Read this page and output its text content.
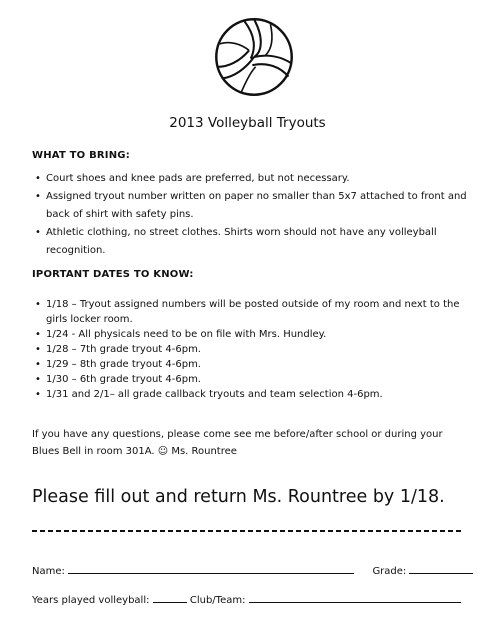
2013 Volleyball Tryouts
WHAT TO BRING:
• Court shoes and knee pads are preferred, but not necessary.
• Assigned tryout number written on paper no smaller than 5x7 attached to front and back of shirt with safety pins.
• Athletic clothing, no street clothes. Shirts worn should not have any volleyball recognition.
IPORTANT DATES TO KNOW:
• 1/18 – Tryout assigned numbers will be posted outside of my room and next to the girls locker room.
• 1/24 - All physicals need to be on file with Mrs. Hundley.
• 1/28 – 7th grade tryout 4-6pm.
• 1/29 – 8th grade tryout 4-6pm.
• 1/30 – 6th grade tryout 4-6pm.
• 1/31 and 2/1– all grade callback tryouts and team selection 4-6pm.

If you have any questions, please come see me before/after school or during your Blues Bell in room 301A. ☺ Ms. Rountree

Please fill out and return Ms. Rountree by 1/18.
Name:	Grade:
Years played volleyball:	Club/Team:
